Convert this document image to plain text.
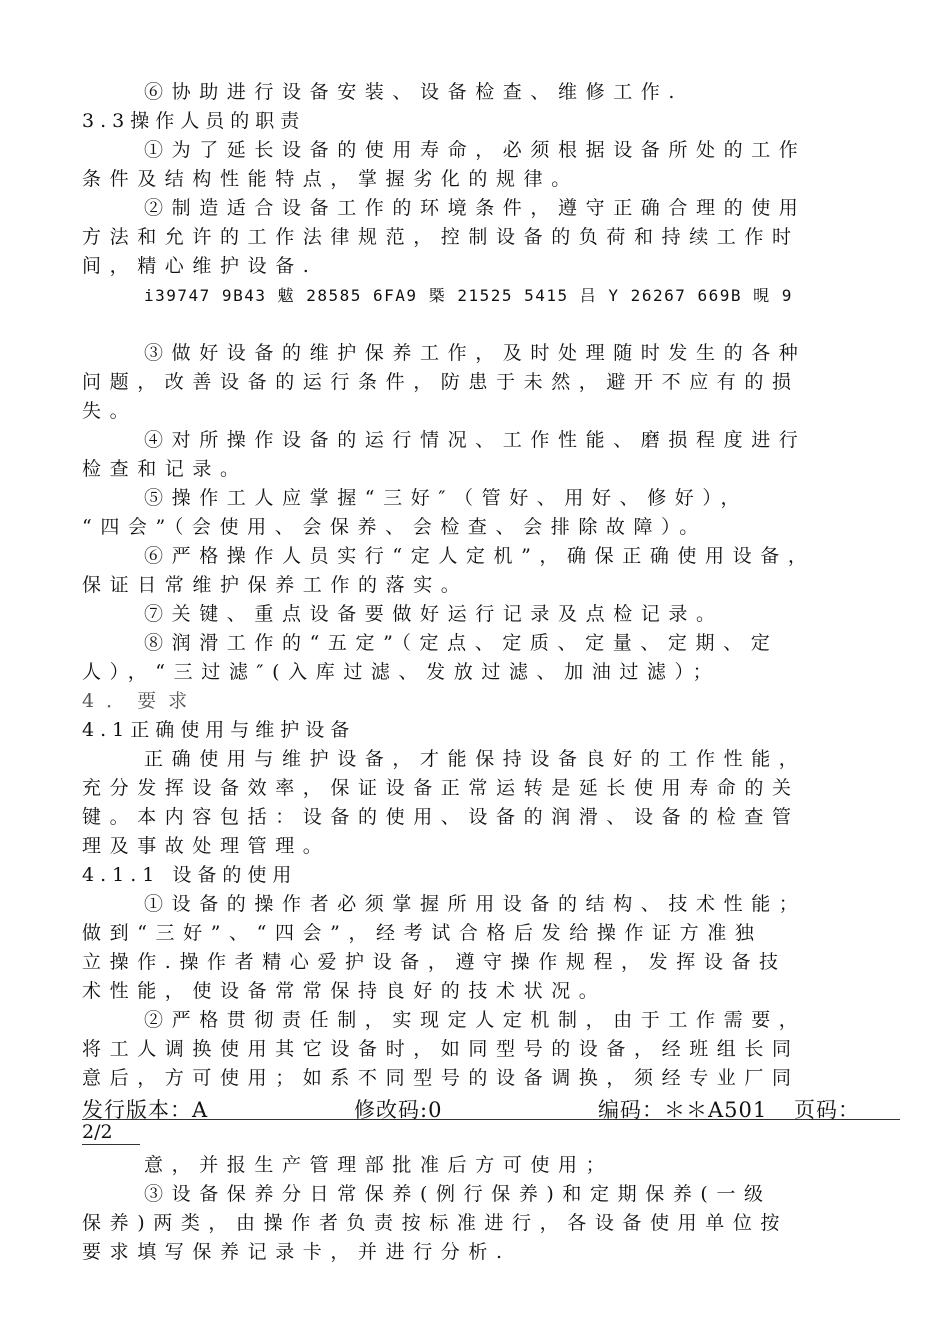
⑥协助进行设备安装、设备检查、维修工作.
3.3操作人员的职责
①为了延长设备的使用寿命，必须根据设备所处的工作
条件及结构性能特点，掌握劣化的规律。
②制造适合设备工作的环境条件，遵守正确合理的使用
方法和允许的工作法律规范，控制设备的负荷和持续工作时
间，精心维护设备.
i39747 9B43 魃 28585 6FA9 槩 21525 5415 吕 Y 26267 669B 晛 9
③做好设备的维护保养工作，及时处理随时发生的各种
问题，改善设备的运行条件，防患于未然，避开不应有的损
失。
④对所操作设备的运行情况、工作性能、磨损程度进行
检查和记录。
⑤操作工人应掌握“三好″（管好、用好、修好），
“四会”（会使用、会保养、会检查、会排除故障）。
⑥严格操作人员实行“定人定机”，确保正确使用设备，
保证日常维护保养工作的落实。
⑦关键、重点设备要做好运行记录及点检记录。
⑧润滑工作的“五定”（定点、定质、定量、定期、定
人），“三过滤″(入库过滤、发放过滤、加油过滤）；
4．要求
4.1正确使用与维护设备
正确使用与维护设备，才能保持设备良好的工作性能，
充分发挥设备效率，保证设备正常运转是延长使用寿命的关
键。本内容包括：设备的使用、设备的润滑、设备的检查管
理及事故处理管理。
4.1.1 设备的使用
①设备的操作者必须掌握所用设备的结构、技术性能；
做到“三好”、“四会”，经考试合格后发给操作证方准独
立操作.操作者精心爱护设备，遵守操作规程，发挥设备技
术性能，使设备常常保持良好的技术状况。
②严格贯彻责任制，实现定人定机制，由于工作需要，
将工人调换使用其它设备时，如同型号的设备，经班组长同
意后，方可使用；如系不同型号的设备调换，须经专业厂同
发行版本：A	修改码:0	编码：＊＊A501 页码：
2/2
意，并报生产管理部批准后方可使用；
③设备保养分日常保养(例行保养)和定期保养(一级
保养)两类，由操作者负责按标准进行，各设备使用单位按
要求填写保养记录卡，并进行分析.
